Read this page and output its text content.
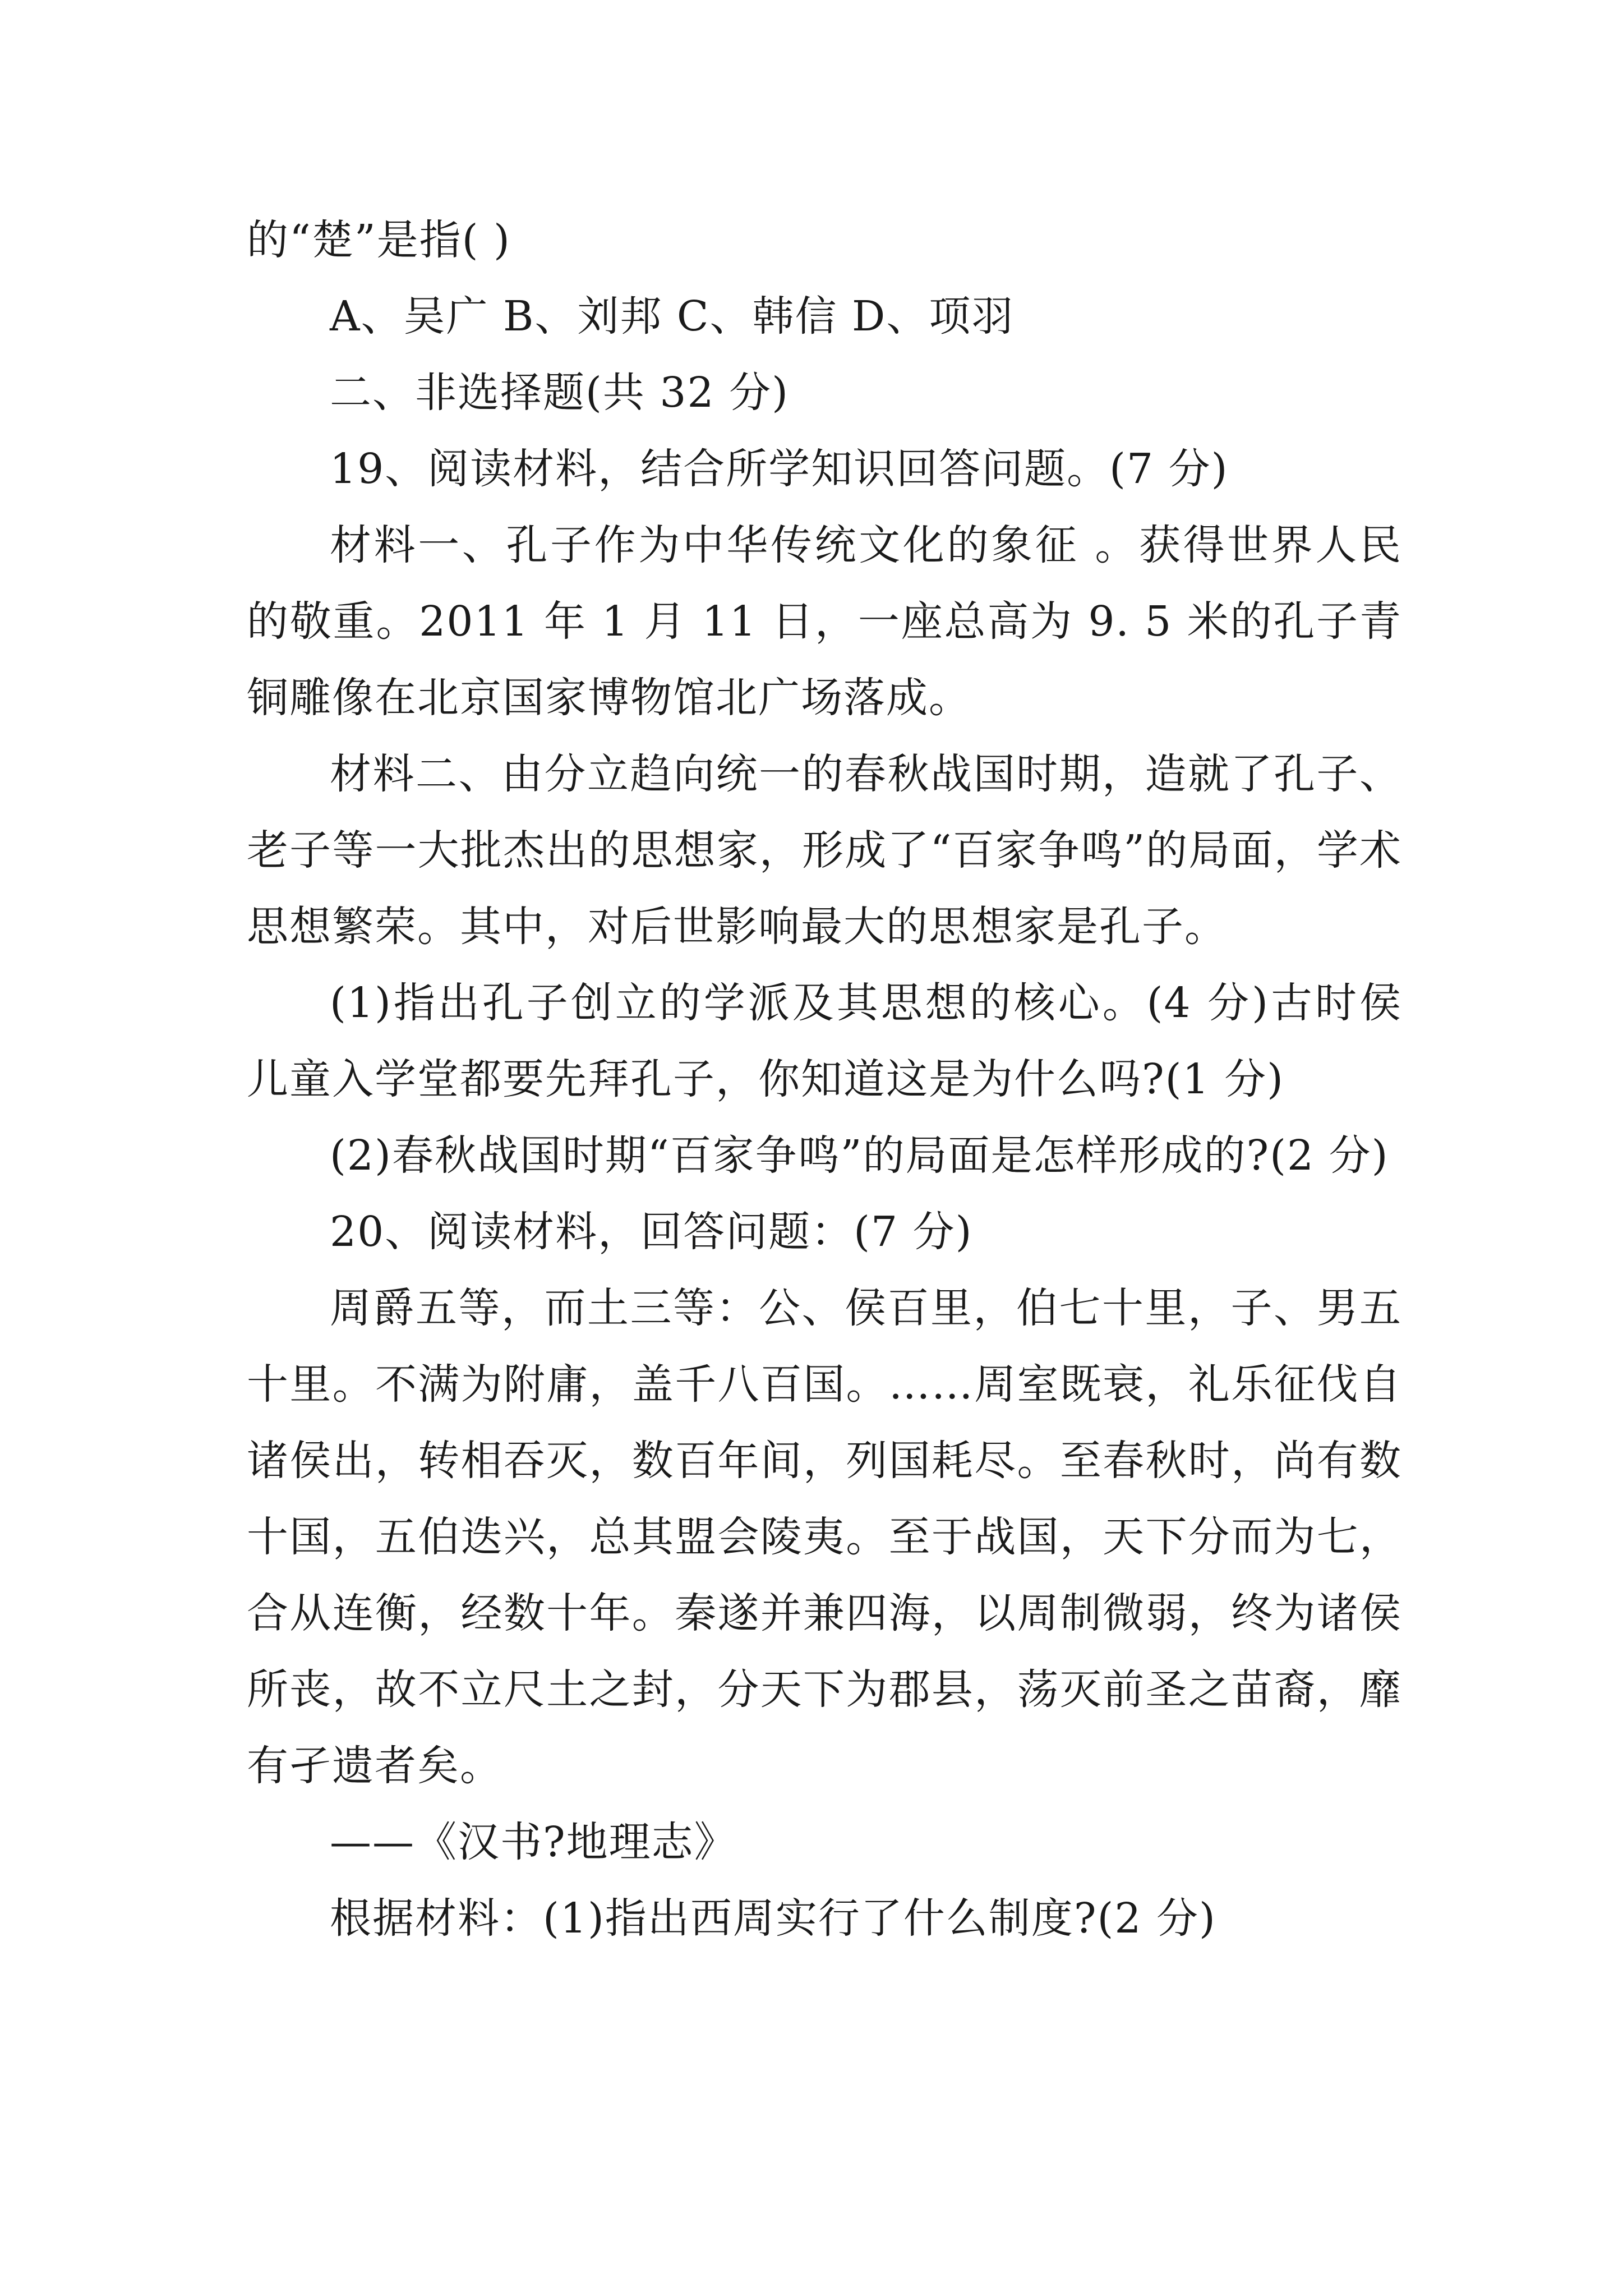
的“楚”是指( )

A、吴广 B、刘邦 C、韩信 D、项羽

二、非选择题(共 32 分)

19、阅读材料，结合所学知识回答问题。(7 分)

材料一、孔子作为中华传统文化的象征 。获得世界人民的敬重。2011 年 1 月 11 日，一座总高为 9. 5 米的孔子青铜雕像在北京国家博物馆北广场落成。

材料二、由分立趋向统一的春秋战国时期，造就了孔子、老子等一大批杰出的思想家，形成了“百家争鸣”的局面，学术思想繁荣。其中，对后世影响最大的思想家是孔子。

(1)指出孔子创立的学派及其思想的核心。(4 分)古时侯儿童入学堂都要先拜孔子，你知道这是为什么吗?(1 分)

(2)春秋战国时期“百家争鸣”的局面是怎样形成的?(2 分)

20、阅读材料，回答问题：(7 分)

周爵五等，而土三等：公、侯百里，伯七十里，子、男五十里。不满为附庸，盖千八百国。……周室既衰，礼乐征伐自诸侯出，转相吞灭，数百年间，列国耗尽。至春秋时，尚有数十国，五伯迭兴，总其盟会陵夷。至于战国，天下分而为七，合从连衡，经数十年。秦遂并兼四海，以周制微弱，终为诸侯所丧，故不立尺土之封，分天下为郡县，荡灭前圣之苗裔，靡有孑遗者矣。

——《汉书?地理志》

根据材料：(1)指出西周实行了什么制度?(2 分)
